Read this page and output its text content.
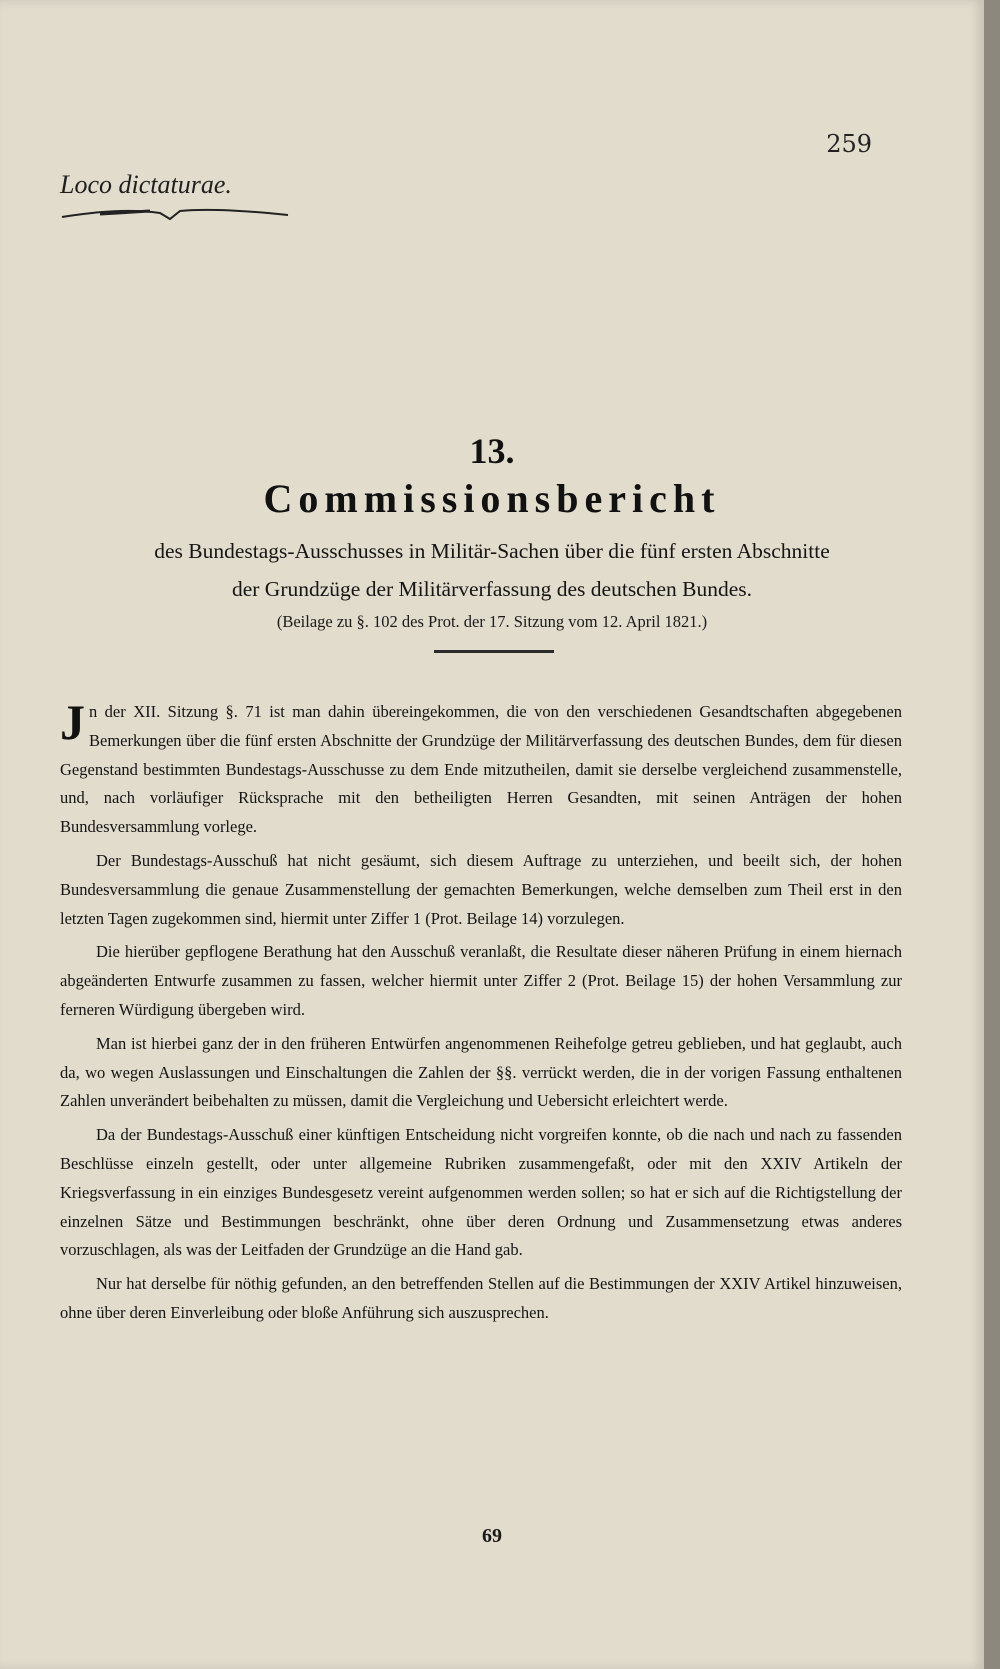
259
Loco dictaturae.
13.
Commissionsbericht
des Bundestags-Ausschusses in Militär-Sachen über die fünf ersten Abschnitte
der Grundzüge der Militärverfassung des deutschen Bundes.
(Beilage zu §. 102 des Prot. der 17. Sitzung vom 12. April 1821.)

Jn der XII. Sitzung §. 71 ist man dahin übereingekommen, die von den verschiedenen Gesandtschaften abgegebenen Bemerkungen über die fünf ersten Abschnitte der Grundzüge der Militärverfassung des deutschen Bundes, dem für diesen Gegenstand bestimmten Bundestags-Ausschusse zu dem Ende mitzutheilen, damit sie derselbe vergleichend zusammenstelle, und, nach vorläufiger Rücksprache mit den betheiligten Herren Gesandten, mit seinen Anträgen der hohen Bundesversammlung vorlege.

Der Bundestags-Ausschuß hat nicht gesäumt, sich diesem Auftrage zu unterziehen, und beeilt sich, der hohen Bundesversammlung die genaue Zusammenstellung der gemachten Bemerkungen, welche demselben zum Theil erst in den letzten Tagen zugekommen sind, hiermit unter Ziffer 1 (Prot. Beilage 14) vorzulegen.

Die hierüber gepflogene Berathung hat den Ausschuß veranlaßt, die Resultate dieser näheren Prüfung in einem hiernach abgeänderten Entwurfe zusammen zu fassen, welcher hiermit unter Ziffer 2 (Prot. Beilage 15) der hohen Versammlung zur ferneren Würdigung übergeben wird.

Man ist hierbei ganz der in den früheren Entwürfen angenommenen Reihefolge getreu geblieben, und hat geglaubt, auch da, wo wegen Auslassungen und Einschaltungen die Zahlen der §§. verrückt werden, die in der vorigen Fassung enthaltenen Zahlen unverändert beibehalten zu müssen, damit die Vergleichung und Uebersicht erleichtert werde.

Da der Bundestags-Ausschuß einer künftigen Entscheidung nicht vorgreifen konnte, ob die nach und nach zu fassenden Beschlüsse einzeln gestellt, oder unter allgemeine Rubriken zusammengefaßt, oder mit den XXIV Artikeln der Kriegsverfassung in ein einziges Bundesgesetz vereint aufgenommen werden sollen; so hat er sich auf die Richtigstellung der einzelnen Sätze und Bestimmungen beschränkt, ohne über deren Ordnung und Zusammensetzung etwas anderes vorzuschlagen, als was der Leitfaden der Grundzüge an die Hand gab.

Nur hat derselbe für nöthig gefunden, an den betreffenden Stellen auf die Bestimmungen der XXIV Artikel hinzuweisen, ohne über deren Einverleibung oder bloße Anführung sich auszusprechen.

69
